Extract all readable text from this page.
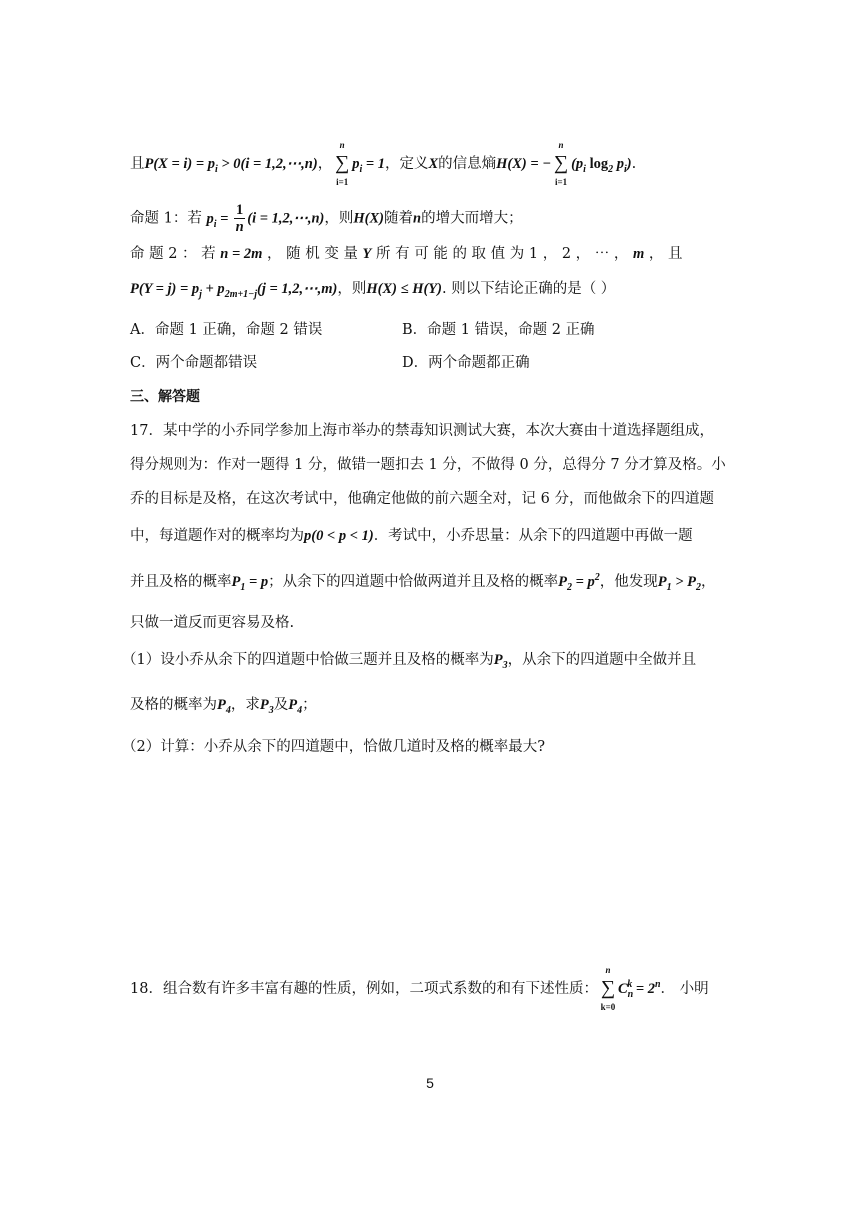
且$P(X = i) = p_i > 0(i$ = 1,2,⋯,n)，
n
∑
i=1
$p_i = 1$，定义X的信息熵H(X) = −
n
∑
i=1
($p_i$ $\log_2 p_i$).
命题 1：若 $p_i = \frac{1}{n} (i$ = 1,2,⋯,n)，则H(X)随着n的增大而增大；
命 题 2 ： 若 n = 2m ， 随 机 变 量 Y 所 有 可 能 的 取 值 为 1 ， 2 ， ⋯ ， m ， 且
$P(Y = j) = p_j + p_{2m+1-j}(j$ = 1,2,⋯,m)，则H(X) ≤ H(Y). 则以下结论正确的是（ ）
A．命题 1 正确，命题 2 错误	B．命题 1 错误，命题 2 正确
C．两个命题都错误	D．两个命题都正确
三、解答题
17．某中学的小乔同学参加上海市举办的禁毒知识测试大赛，本次大赛由十道选择题组成，
得分规则为：作对一题得 1 分，做错一题扣去 1 分，不做得 0 分，总得分 7 分才算及格。小
乔的目标是及格，在这次考试中，他确定他做的前六题全对，记 6 分，而他做余下的四道题
中，每道题作对的概率均为p(0 < p < 1)．考试中，小乔思量：从余下的四道题中再做一题
并且及格的概率$P_1 = p$；从余下的四道题中恰做两道并且及格的概率$P_2 = p^2$，他发现$P_1 > P_2$，
只做一道反而更容易及格.
（1）设小乔从余下的四道题中恰做三题并且及格的概率为$P_3$，从余下的四道题中全做并且
及格的概率为$P_4$，求$P_3$及$P_4$；
（2）计算：小乔从余下的四道题中，恰做几道时及格的概率最大?
18．组合数有许多丰富有趣的性质，例如，二项式系数的和有下述性质：
n
∑
k=0
$C_n^k = 2^n$． 小明
5
